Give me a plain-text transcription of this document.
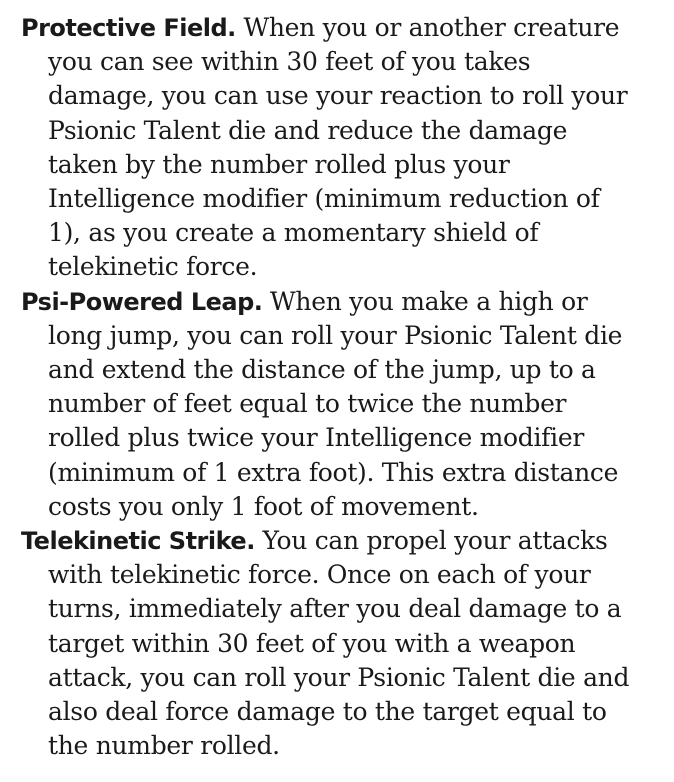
Protective Field. When you or another creature
you can see within 30 feet of you takes
damage, you can use your reaction to roll your
Psionic Talent die and reduce the damage
taken by the number rolled plus your
Intelligence modifier (minimum reduction of
1), as you create a momentary shield of
telekinetic force.
Psi-Powered Leap. When you make a high or
long jump, you can roll your Psionic Talent die
and extend the distance of the jump, up to a
number of feet equal to twice the number
rolled plus twice your Intelligence modifier
(minimum of 1 extra foot). This extra distance
costs you only 1 foot of movement.
Telekinetic Strike. You can propel your attacks
with telekinetic force. Once on each of your
turns, immediately after you deal damage to a
target within 30 feet of you with a weapon
attack, you can roll your Psionic Talent die and
also deal force damage to the target equal to
the number rolled.
